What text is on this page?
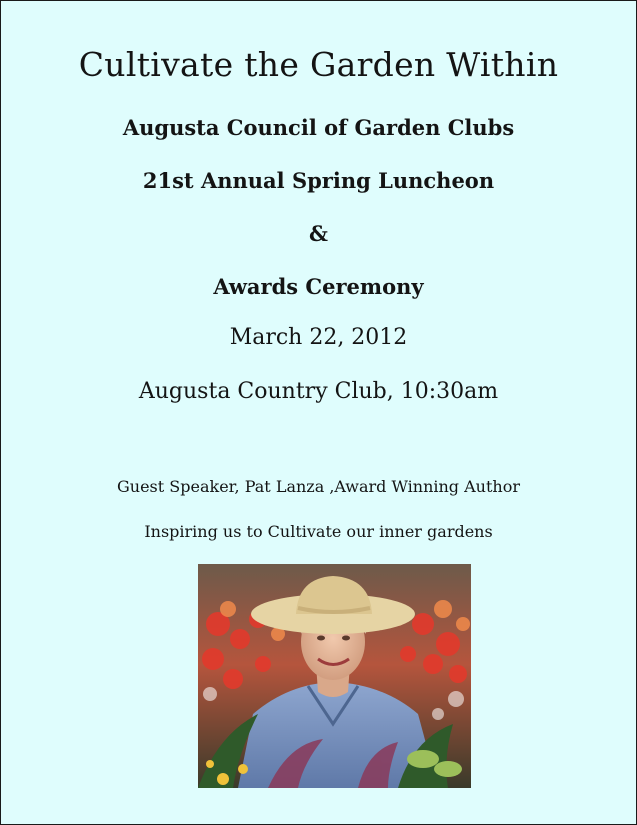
Cultivate the Garden Within
Augusta Council of Garden Clubs
21st Annual Spring Luncheon
&
Awards Ceremony
March 22, 2012
Augusta Country Club, 10:30am
Guest Speaker, Pat Lanza ,Award Winning Author
Inspiring us to Cultivate our inner gardens
